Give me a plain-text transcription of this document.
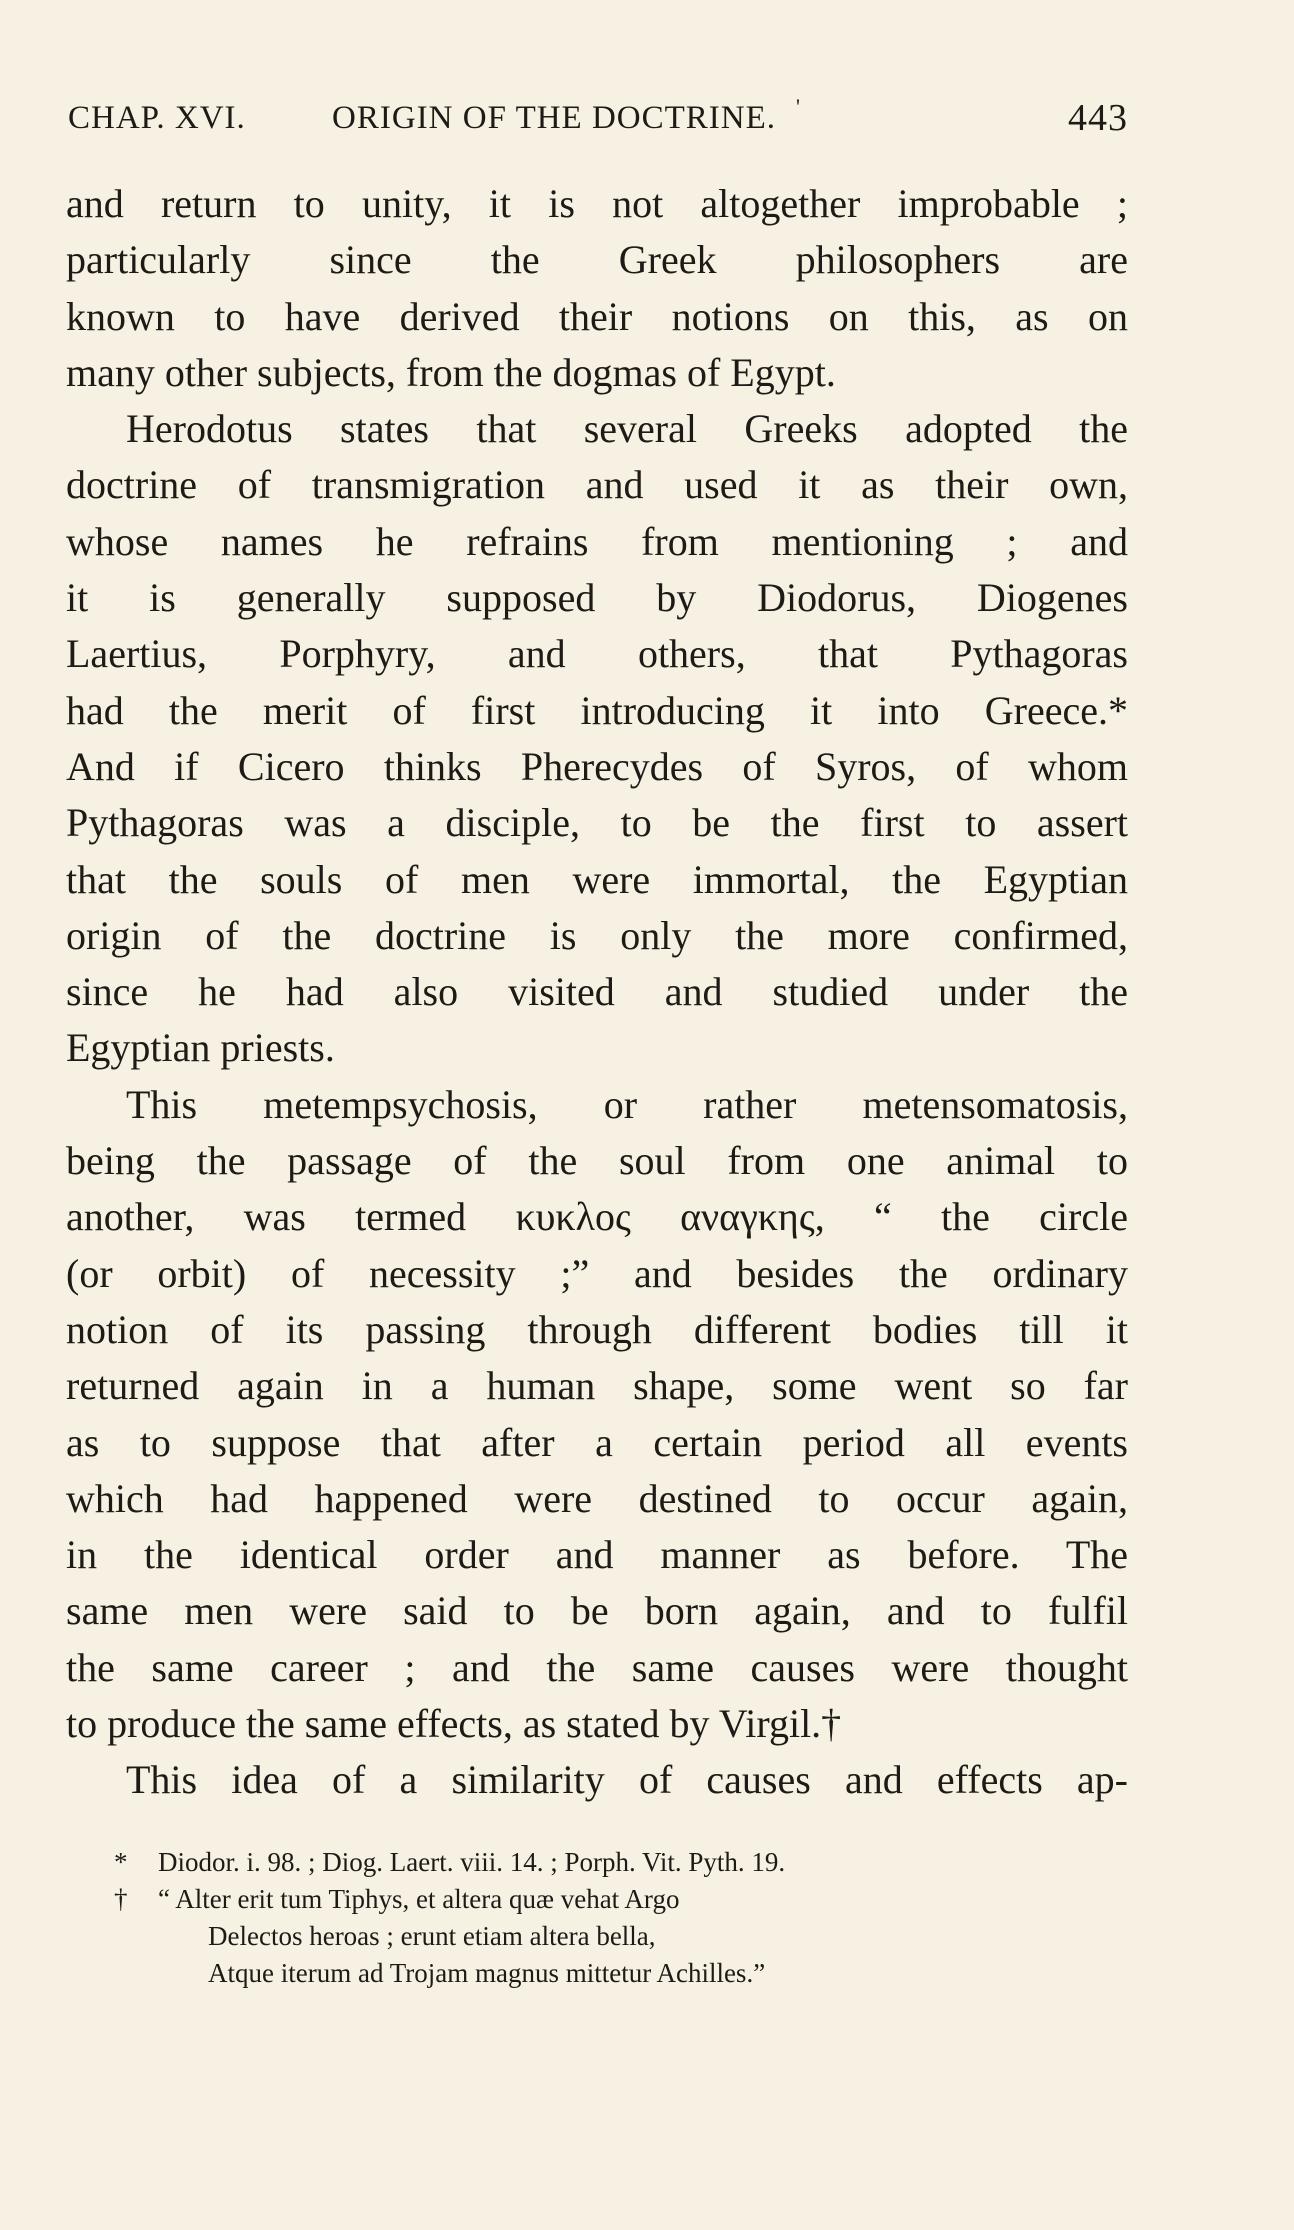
CHAP. XVI.	ORIGIN OF THE DOCTRINE. '	443
and return to unity, it is not altogether improbable ;
particularly since the Greek philosophers are
known to have derived their notions on this, as on
many other subjects, from the dogmas of Egypt.
Herodotus states that several Greeks adopted the
doctrine of transmigration and used it as their own,
whose names he refrains from mentioning ; and
it is generally supposed by Diodorus, Diogenes
Laertius, Porphyry, and others, that Pythagoras
had the merit of first introducing it into Greece.*
And if Cicero thinks Pherecydes of Syros, of whom
Pythagoras was a disciple, to be the first to assert
that the souls of men were immortal, the Egyptian
origin of the doctrine is only the more confirmed,
since he had also visited and studied under the
Egyptian priests.
This metempsychosis, or rather metensomatosis,
being the passage of the soul from one animal to
another, was termed κυκλος αναγκης, “ the circle
(or orbit) of necessity ;” and besides the ordinary
notion of its passing through different bodies till it
returned again in a human shape, some went so far
as to suppose that after a certain period all events
which had happened were destined to occur again,
in the identical order and manner as before. The
same men were said to be born again, and to fulfil
the same career ; and the same causes were thought
to produce the same effects, as stated by Virgil.†
This idea of a similarity of causes and effects ap-
* Diodor. i. 98. ; Diog. Laert. viii. 14. ; Porph. Vit. Pyth. 19.
† “ Alter erit tum Tiphys, et altera quæ vehat Argo
Delectos heroas ; erunt etiam altera bella,
Atque iterum ad Trojam magnus mittetur Achilles.”
